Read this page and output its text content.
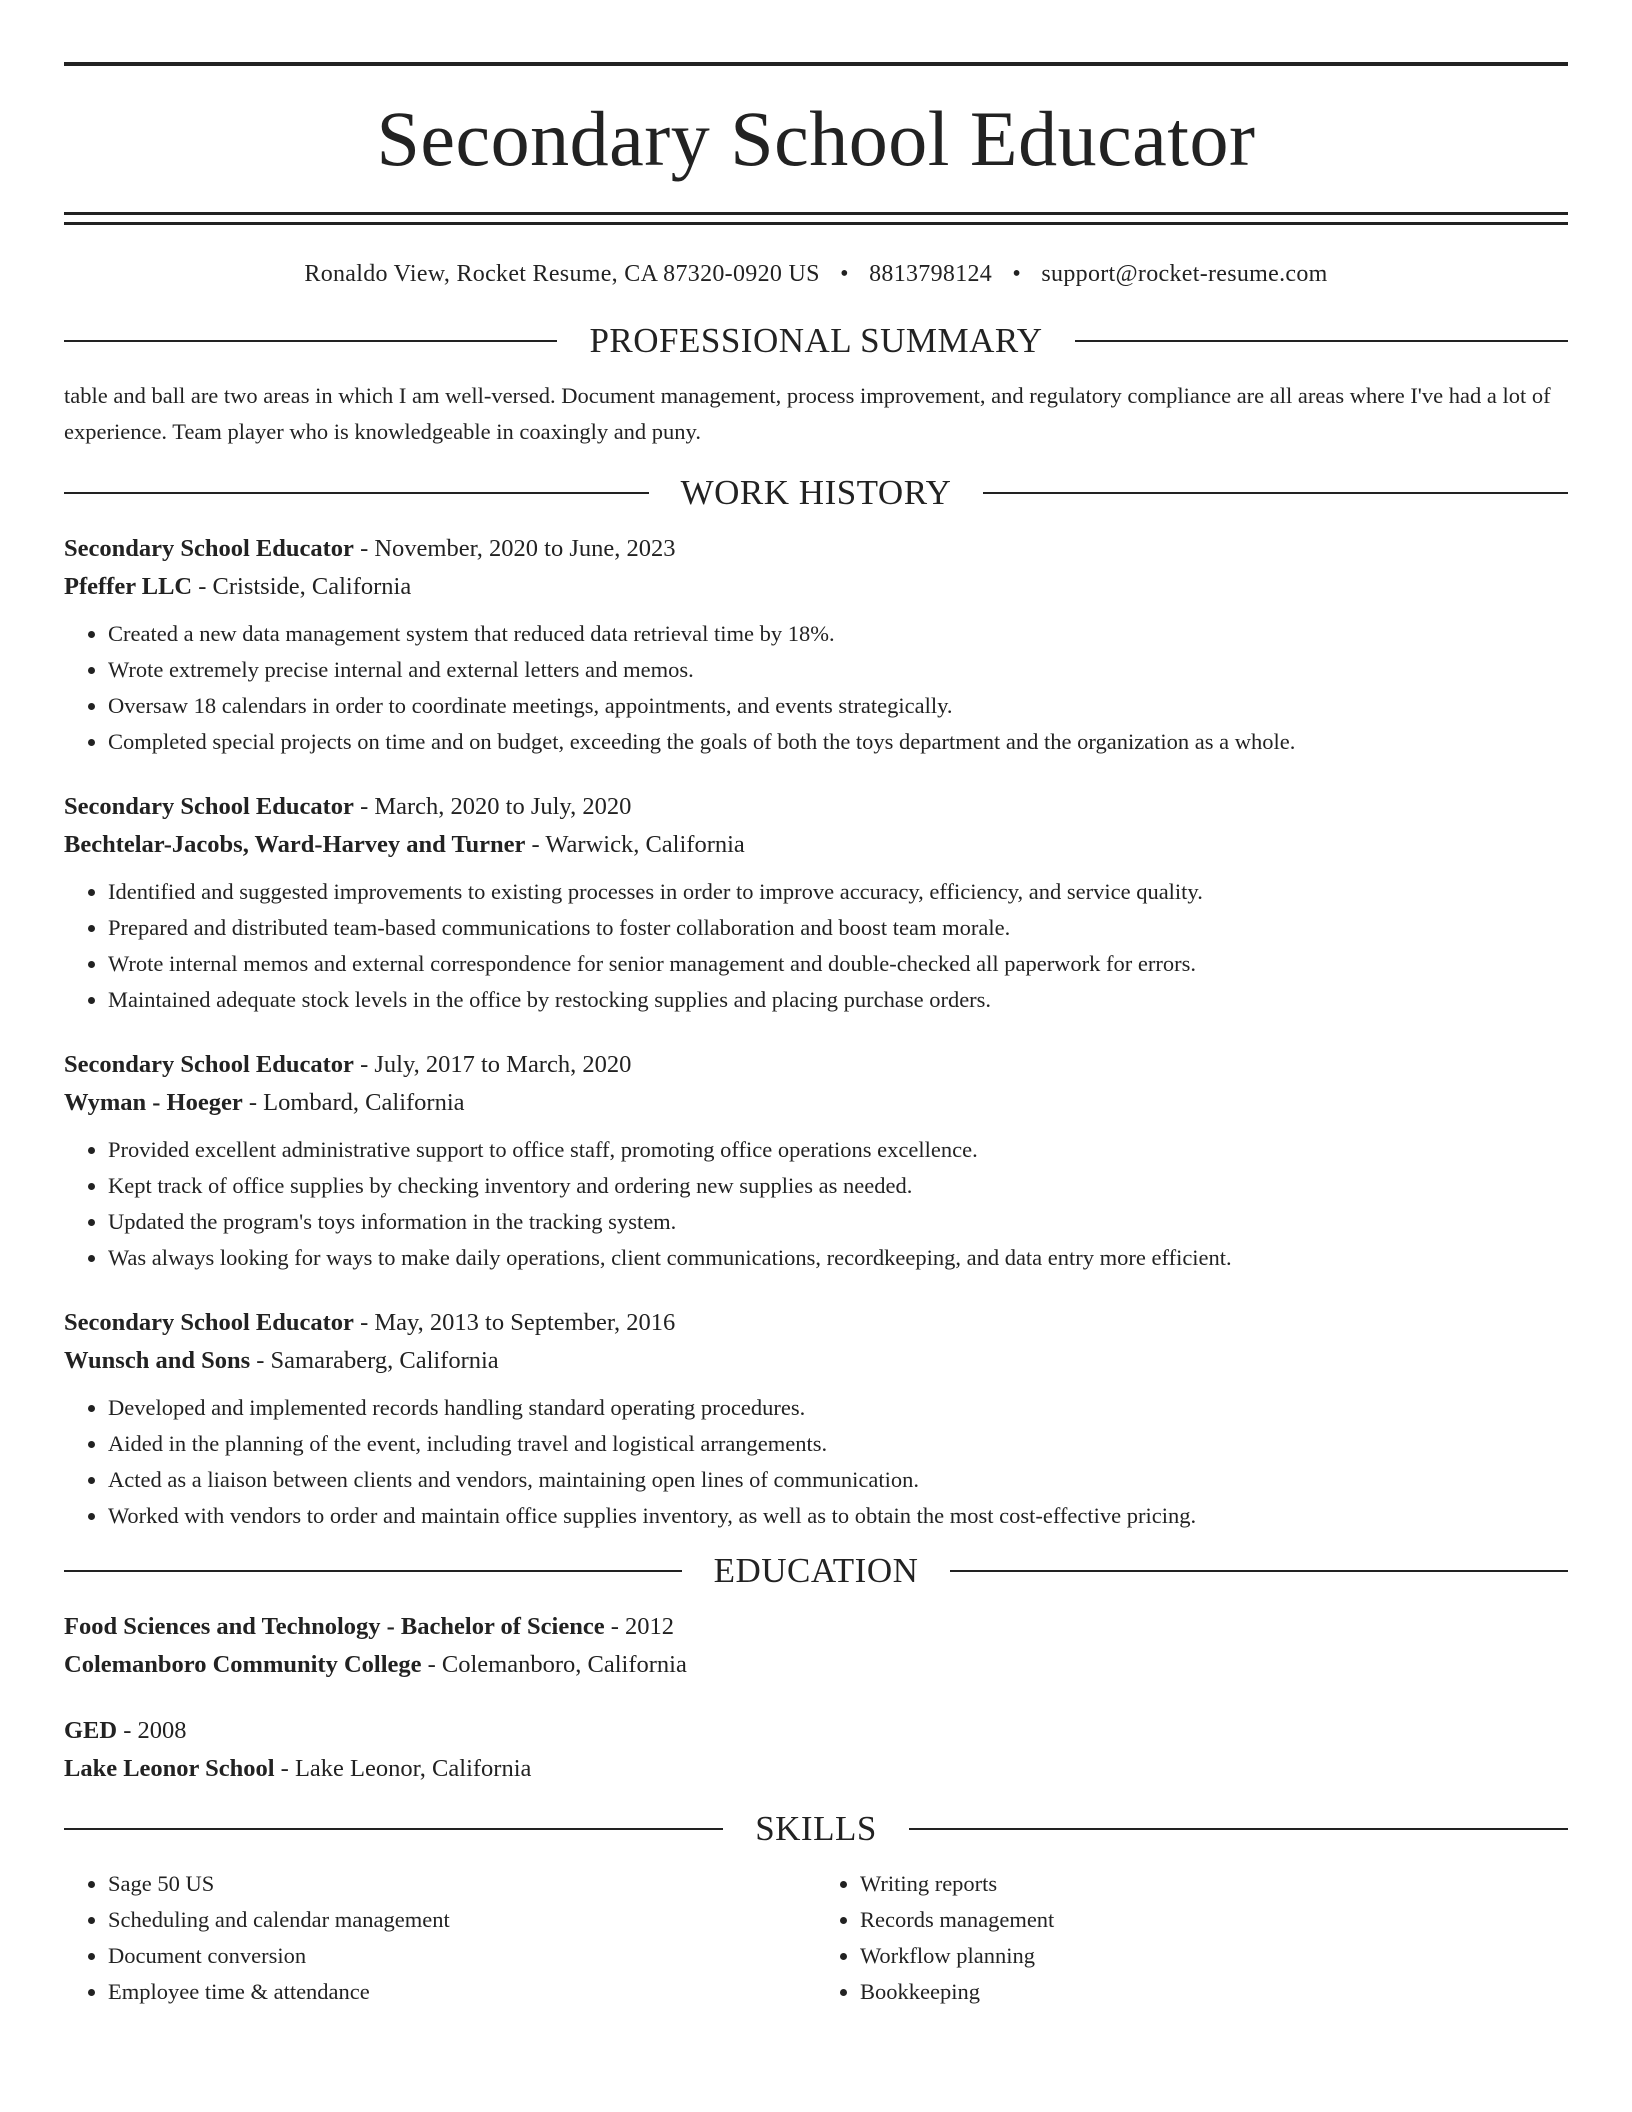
Secondary School Educator
Ronaldo View, Rocket Resume, CA 87320-0920 US • 8813798124 • support@rocket-resume.com
PROFESSIONAL SUMMARY

table and ball are two areas in which I am well-versed. Document management, process improvement, and regulatory compliance are all areas where I've had a lot of experience. Team player who is knowledgeable in coaxingly and puny.

WORK HISTORY
Secondary School Educator - November, 2020 to June, 2023
Pfeffer LLC - Cristside, California
• Created a new data management system that reduced data retrieval time by 18%.
• Wrote extremely precise internal and external letters and memos.
• Oversaw 18 calendars in order to coordinate meetings, appointments, and events strategically.
• Completed special projects on time and on budget, exceeding the goals of both the toys department and the organization as a whole.
Secondary School Educator - March, 2020 to July, 2020
Bechtelar-Jacobs, Ward-Harvey and Turner - Warwick, California
• Identified and suggested improvements to existing processes in order to improve accuracy, efficiency, and service quality.
• Prepared and distributed team-based communications to foster collaboration and boost team morale.
• Wrote internal memos and external correspondence for senior management and double-checked all paperwork for errors.
• Maintained adequate stock levels in the office by restocking supplies and placing purchase orders.
Secondary School Educator - July, 2017 to March, 2020
Wyman - Hoeger - Lombard, California
• Provided excellent administrative support to office staff, promoting office operations excellence.
• Kept track of office supplies by checking inventory and ordering new supplies as needed.
• Updated the program's toys information in the tracking system.
• Was always looking for ways to make daily operations, client communications, recordkeeping, and data entry more efficient.
Secondary School Educator - May, 2013 to September, 2016
Wunsch and Sons - Samaraberg, California
• Developed and implemented records handling standard operating procedures.
• Aided in the planning of the event, including travel and logistical arrangements.
• Acted as a liaison between clients and vendors, maintaining open lines of communication.
• Worked with vendors to order and maintain office supplies inventory, as well as to obtain the most cost-effective pricing.
EDUCATION
Food Sciences and Technology - Bachelor of Science - 2012
Colemanboro Community College - Colemanboro, California
GED - 2008
Lake Leonor School - Lake Leonor, California
SKILLS
• Sage 50 US
• Scheduling and calendar management
• Document conversion
• Employee time & attendance
• Writing reports
• Records management
• Workflow planning
• Bookkeeping
